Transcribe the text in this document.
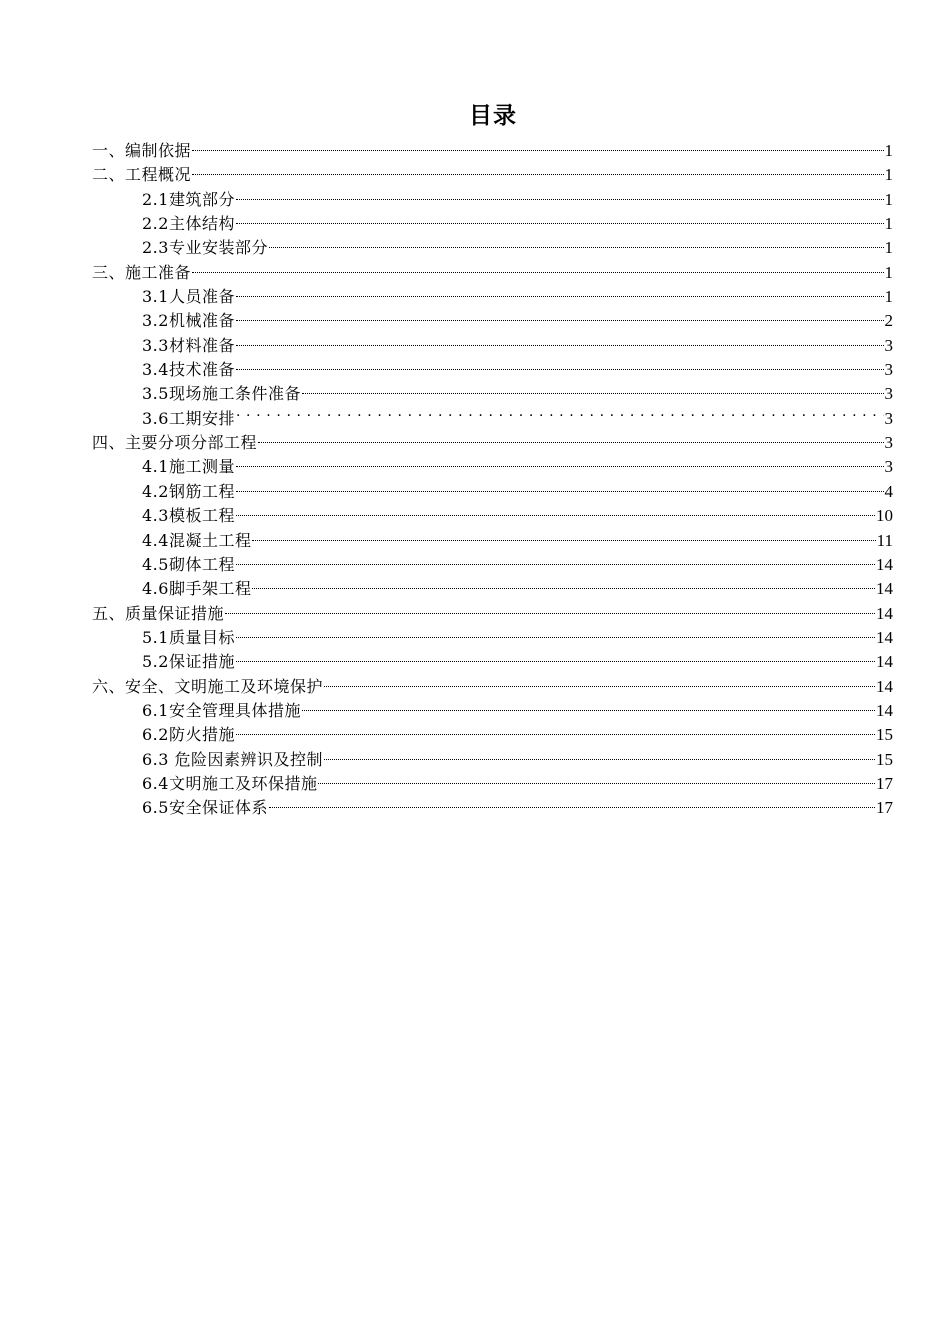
目录
一、编制依据	1
二、工程概况	1
2.1建筑部分	1
2.2主体结构	1
2.3专业安装部分	1
三、施工准备	1
3.1人员准备	1
3.2机械准备	2
3.3材料准备	3
3.4技术准备	3
3.5现场施工条件准备	3
3.6工期安排 . . .	3
四、主要分项分部工程	3
4.1施工测量	3
4.2钢筋工程	4
4.3模板工程	10
4.4混凝土工程	11
4.5砌体工程	14
4.6脚手架工程	14
五、质量保证措施	14
5.1质量目标	14
5.2保证措施	14
六、安全、文明施工及环境保护	14
6.1安全管理具体措施	14
6.2防火措施	15
6.3 危险因素辨识及控制	15
6.4文明施工及环保措施	17
6.5安全保证体系	17
